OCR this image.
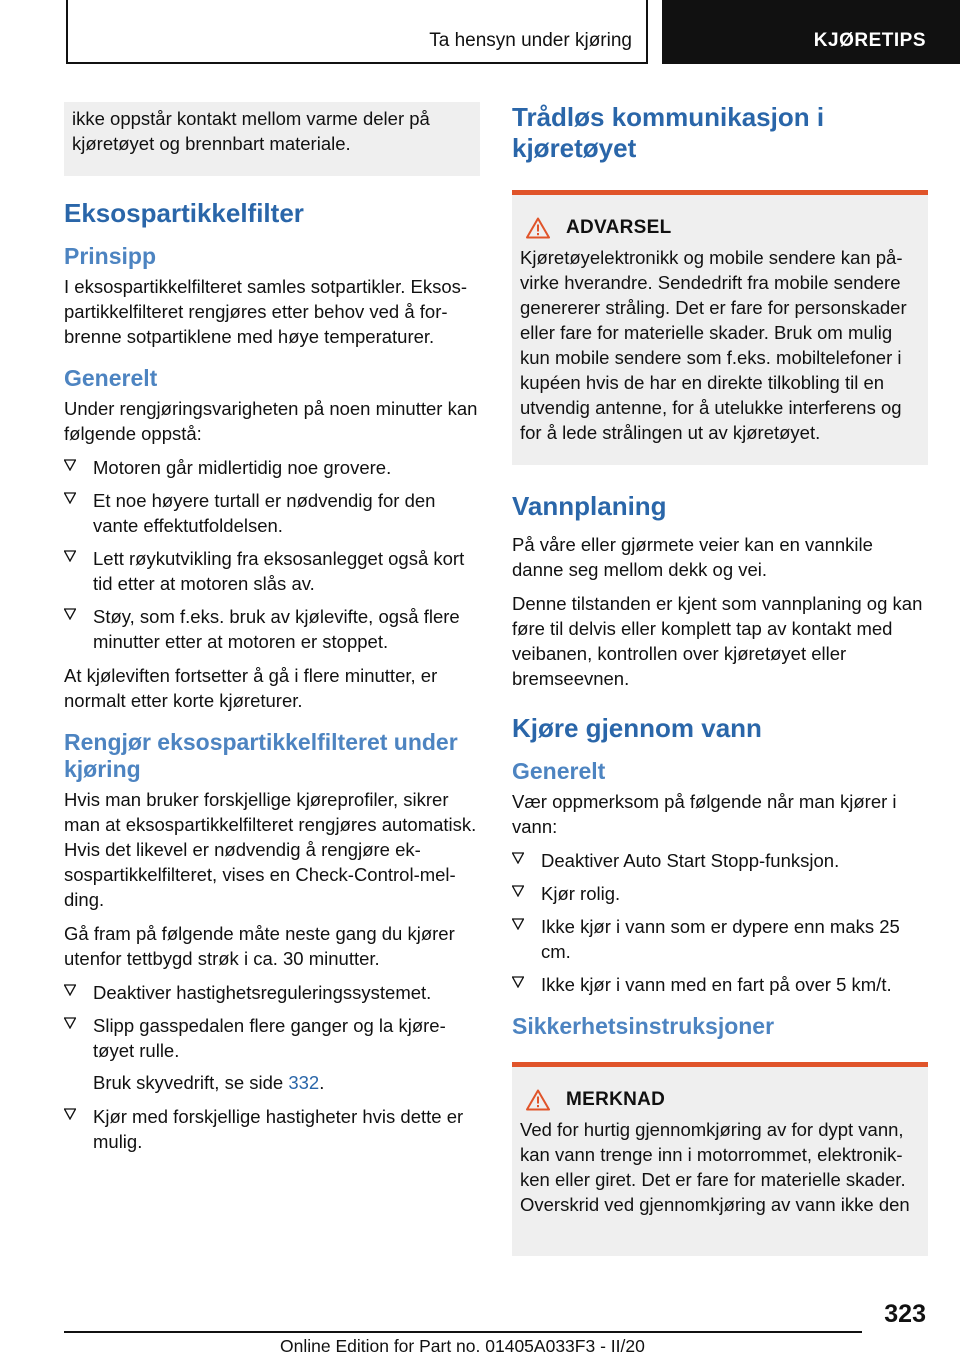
Ta hensyn under kjøring	KJØRETIPS

ikke oppstår kontakt mellom varme deler på kjøretøyet og brennbart materiale.

Eksospartikkelfilter
Prinsipp

I eksospartikkelfilteret samles sotpartikler. Eksospartikkelfilteret rengjøres etter behov ved å forbrenne sotpartiklene med høye temperaturer.

Generelt

Under rengjøringsvarigheten på noen minutter kan følgende oppstå:

Motoren går midlertidig noe grovere.
Et noe høyere turtall er nødvendig for den vante effektutfoldelsen.
Lett røykutvikling fra eksosanlegget også kort tid etter at motoren slås av.
Støy, som f.eks. bruk av kjølevifte, også flere minutter etter at motoren er stoppet.

At kjøleviften fortsetter å gå i flere minutter, er normalt etter korte kjøreturer.

Rengjør eksospartikkelfilteret under kjøring

Hvis man bruker forskjellige kjøreprofiler, sikrer man at eksospartikkelfilteret rengjøres automatisk. Hvis det likevel er nødvendig å rengjøre eksospartikkelfilteret, vises en Check-Control-melding.

Gå fram på følgende måte neste gang du kjører utenfor tettbygd strøk i ca. 30 minutter.

Deaktiver hastighetsreguleringssystemet.
Slipp gasspedalen flere ganger og la kjøretøyet rulle.

Bruk skyvedrift, se side 332.

Kjør med forskjellige hastigheter hvis dette er mulig.
Trådløs kommunikasjon i kjøretøyet
ADVARSEL

Kjøretøyelektronikk og mobile sendere kan påvirke hverandre. Sendedrift fra mobile sendere genererer stråling. Det er fare for personskader eller fare for materielle skader. Bruk om mulig kun mobile sendere som f.eks. mobiltelefoner i kupéen hvis de har en direkte tilkobling til en utvendig antenne, for å utelukke interferens og for å lede strålingen ut av kjøretøyet.

Vannplaning

På våre eller gjørmete veier kan en vannkile danne seg mellom dekk og vei.

Denne tilstanden er kjent som vannplaning og kan føre til delvis eller komplett tap av kontakt med veibanen, kontrollen over kjøretøyet eller bremseevnen.

Kjøre gjennom vann
Generelt

Vær oppmerksom på følgende når man kjører i vann:

Deaktiver Auto Start Stopp-funksjon.
Kjør rolig.
Ikke kjør i vann som er dypere enn maks 25 cm.
Ikke kjør i vann med en fart på over 5 km/t.
Sikkerhetsinstruksjoner
MERKNAD

Ved for hurtig gjennomkjøring av for dypt vann, kan vann trenge inn i motorrommet, elektronikken eller giret. Det er fare for materielle skader. Overskrid ved gjennomkjøring av vann ikke den

323
Online Edition for Part no. 01405A033F3 - II/20
